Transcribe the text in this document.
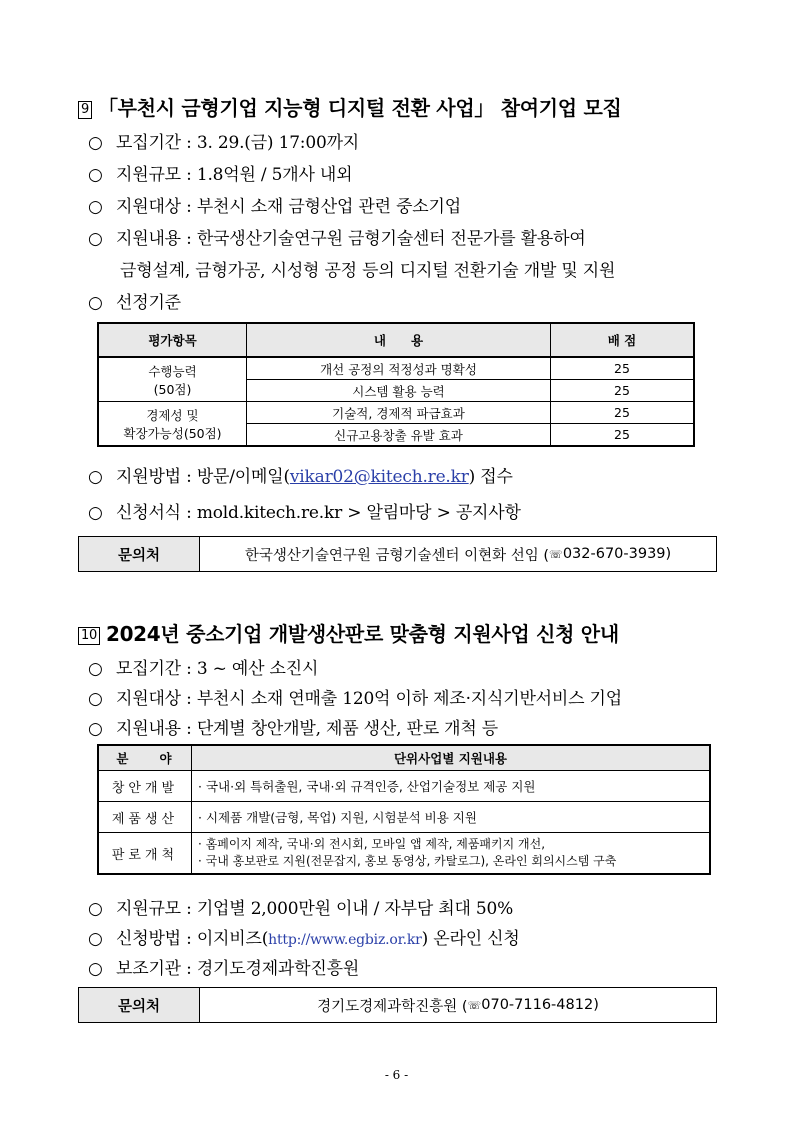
9 「부천시 금형기업 지능형 디지털 전환 사업」 참여기업 모집
○ 모집기간 : 3. 29.(금) 17:00까지
○ 지원규모 : 1.8억원 / 5개사 내외
○ 지원대상 : 부천시 소재 금형산업 관련 중소기업
○ 지원내용 : 한국생산기술연구원 금형기술센터 전문가를 활용하여
금형설계, 금형가공, 시성형 공정 등의 디지털 전환기술 개발 및 지원
○ 선정기준
평가항목	내　　용	배 점

수행능력
(50점)	개선 공정의 적정성과 명확성	25
	시스템 활용 능력	25

경제성 및
확장가능성(50점)	기술적, 경제적 파급효과	25
	신규고용창출 유발 효과	25
○ 지원방법 : 방문/이메일(vikar02@kitech.re.kr) 접수
○ 신청서식 : mold.kitech.re.kr > 알림마당 > 공지사항
문의처	한국생산기술연구원 금형기술센터 이현화 선임 ( ☏ 032-670-3939)
10 2024년 중소기업 개발생산판로 맞춤형 지원사업 신청 안내
○ 모집기간 : 3 ~ 예산 소진시
○ 지원대상 : 부천시 소재 연매출 120억 이하 제조·지식기반서비스 기업
○ 지원내용 : 단계별 창안개발, 제품 생산, 판로 개척 등
분　　야	단위사업별 지원내용
창안개발	· 국내·외 특허출원, 국내·외 규격인증, 산업기술정보 제공 지원
제품생산	· 시제품 개발(금형, 목업) 지원, 시험분석 비용 지원
판로개척	· 홈페이지 제작, 국내·외 전시회, 모바일 앱 제작, 제품패키지 개선,
· 국내 홍보판로 지원(전문잡지, 홍보 동영상, 카탈로그), 온라인 회의시스템 구축
○ 지원규모 : 기업별 2,000만원 이내 / 자부담 최대 50%
○ 신청방법 : 이지비즈(http://www.egbiz.or.kr) 온라인 신청
○ 보조기관 : 경기도경제과학진흥원
문의처	경기도경제과학진흥원 ( ☏ 070-7116-4812)
- 6 -
